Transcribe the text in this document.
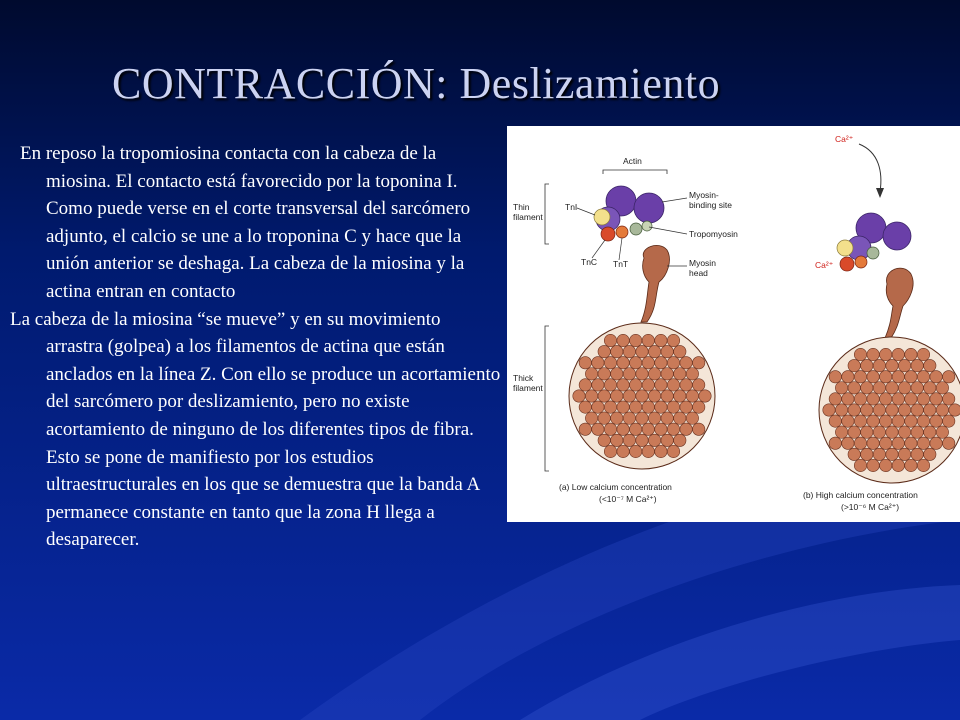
CONTRACCIÓN: Deslizamiento

En reposo la tropomiosina contacta con la cabeza de la miosina. El contacto está favorecido por la toponina I. Como puede verse en el corte transversal del sarcómero adjunto, el calcio se une a lo troponina C y hace que la unión anterior se deshaga. La cabeza de la miosina y la actina entran en contacto

La cabeza de la miosina “se mueve” y en su movimiento arrastra (golpea) a los filamentos de actina que están anclados en la línea Z. Con ello se produce un acortamiento del sarcómero por deslizamiento, pero no existe acortamiento de ninguno de los diferentes tipos de fibra. Esto se pone de manifiesto por los estudios ultraestructurales en los que se demuestra que la banda A permanece constante en tanto que la zona H llega a desaparecer.

Actin
Thin
filament
Myosin-
binding site
Tropomyosin
TnI
TnC TnT	Myosin
head
Thick
filament
(a) Low calcium concentration
(<10⁻⁷ M Ca²⁺)
Ca²⁺
Ca²⁺
(b) High calcium concentration
(>10⁻⁶ M Ca²⁺)
